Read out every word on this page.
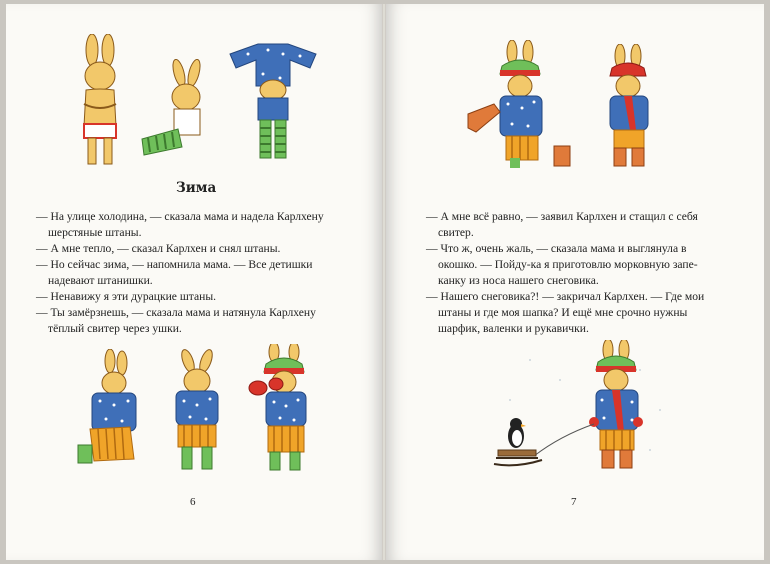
Зима

— На улице холодина, — сказала мама и надела Карлхену

шерстяные штаны.

— А мне тепло, — сказал Карлхен и снял штаны.

— Но сейчас зима, — напомнила мама. — Все детишки

надевают штанишки.

— Ненавижу я эти дурацкие штаны.

— Ты замёрзнешь, — сказала мама и натянула Карлхену

тёплый свитер через ушки.

6

— А мне всё равно, — заявил Карлхен и стащил с себя

свитер.

— Что ж, очень жаль, — сказала мама и выглянула в

окошко. — Пойду-ка я приготовлю морковную запе-

канку из носа нашего снеговика.

— Нашего снеговика?! — закричал Карлхен. — Где мои

штаны и где моя шапка? И ещё мне срочно нужны

шарфик, валенки и рукавички.

7
